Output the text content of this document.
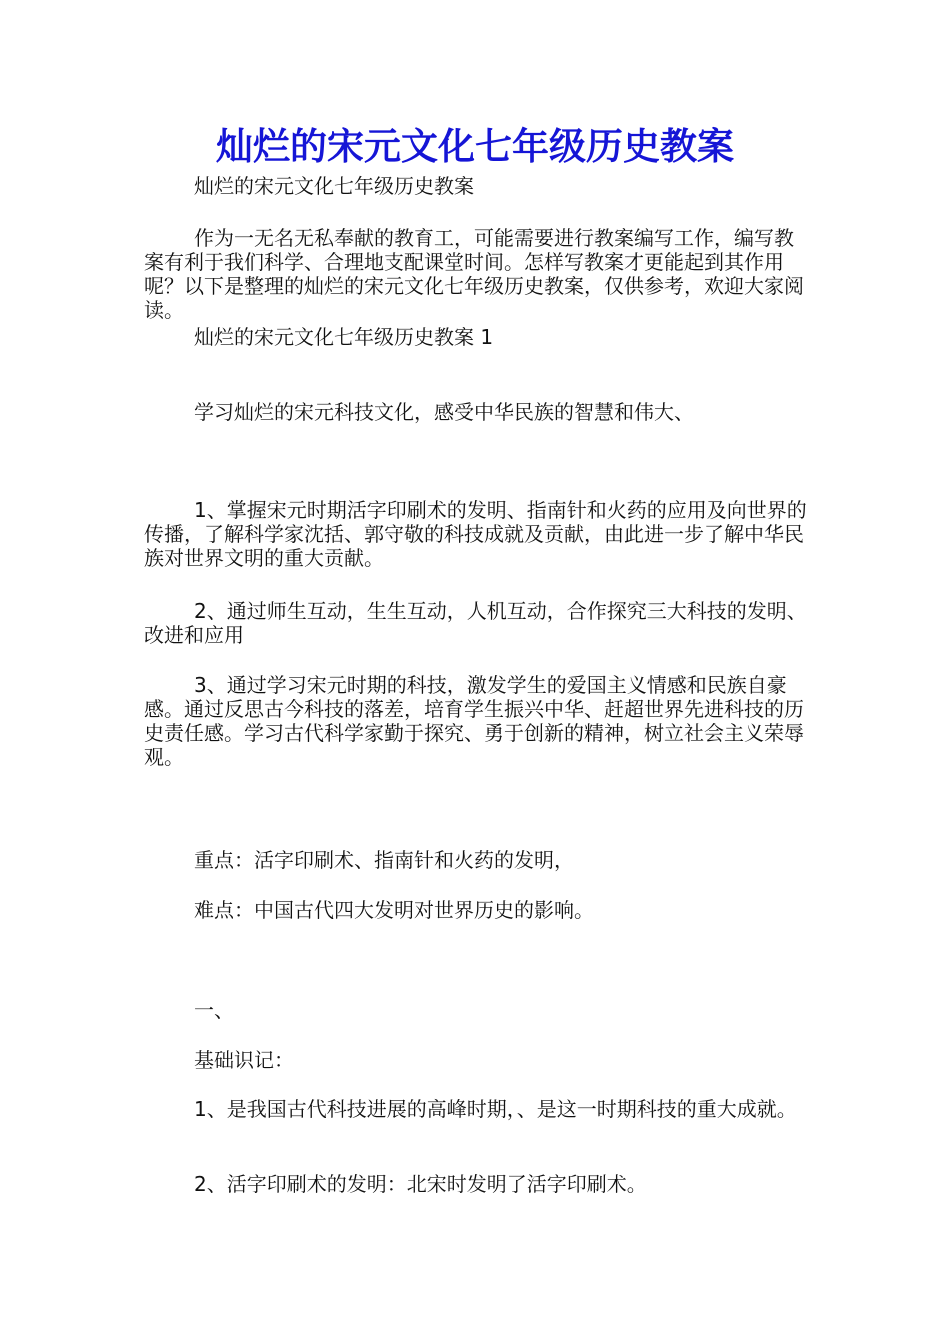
灿烂的宋元文化七年级历史教案

灿烂的宋元文化七年级历史教案

作为一无名无私奉献的教育工，可能需要进行教案编写工作，编写教案有利于我们科学、合理地支配课堂时间。怎样写教案才更能起到其作用呢？以下是整理的灿烂的宋元文化七年级历史教案，仅供参考，欢迎大家阅读。

灿烂的宋元文化七年级历史教案 1

学习灿烂的宋元科技文化，感受中华民族的智慧和伟大、

1、掌握宋元时期活字印刷术的发明、指南针和火药的应用及向世界的传播，了解科学家沈括、郭守敬的科技成就及贡献，由此进一步了解中华民族对世界文明的重大贡献。

2、通过师生互动，生生互动，人机互动，合作探究三大科技的发明、改进和应用

3、通过学习宋元时期的科技，激发学生的爱国主义情感和民族自豪感。通过反思古今科技的落差，培育学生振兴中华、赶超世界先进科技的历史责任感。学习古代科学家勤于探究、勇于创新的精神，树立社会主义荣辱观。

重点：活字印刷术、指南针和火药的发明，

难点：中国古代四大发明对世界历史的影响。

一、

基础识记：

1、是我国古代科技进展的高峰时期，、是这一时期科技的重大成就。

2、活字印刷术的发明：北宋时发明了活字印刷术。
